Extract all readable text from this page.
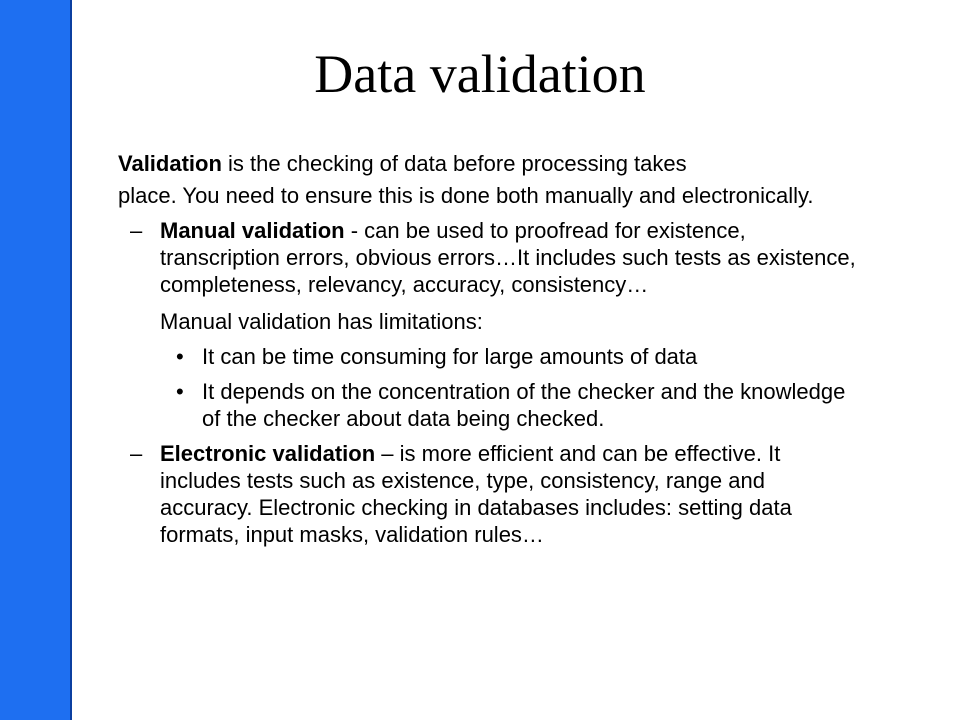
Data validation

Validation is the checking of data before processing takes
place. You need to ensure this is done both manually and electronically.

– Manual validation - can be used to proofread for existence, transcription errors, obvious errors…It includes such tests as existence, completeness, relevancy, accuracy, consistency…
Manual validation has limitations:
• It can be time consuming for large amounts of data
• It depends on the concentration of the checker and the knowledge of the checker about data being checked.
– Electronic validation – is more efficient and can be effective. It includes tests such as existence, type, consistency, range and accuracy. Electronic checking in databases includes: setting data formats, input masks, validation rules…
